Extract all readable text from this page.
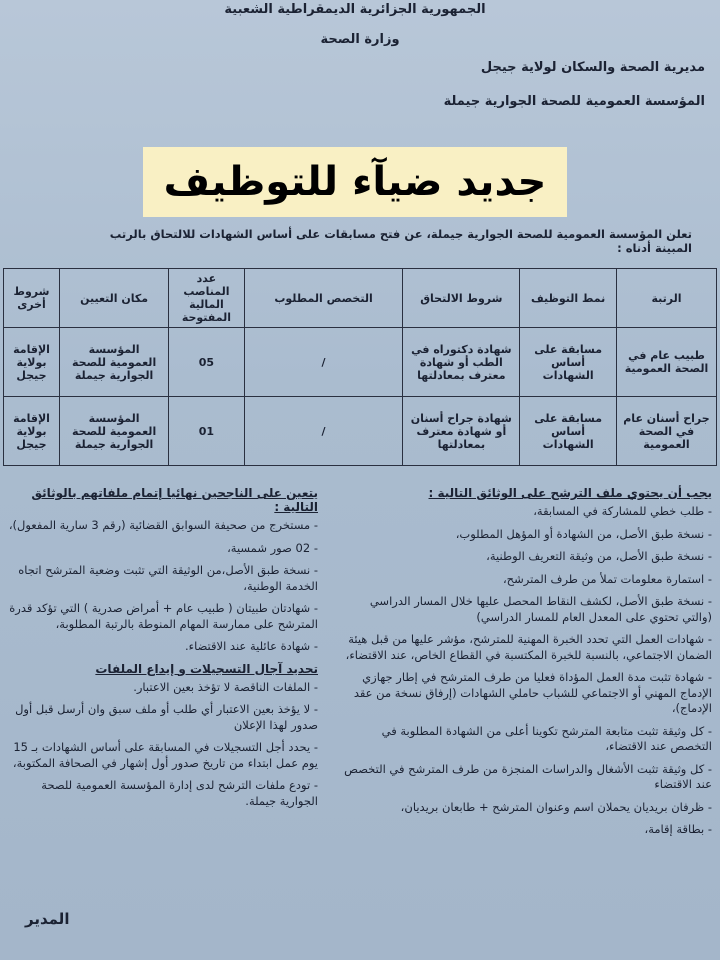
الجمهورية الجزائرية الديمقراطية الشعبية
وزارة الصحة
مديرية الصحة والسكان لولاية جيجل
المؤسسة العمومية للصحة الجوارية جيملة
جديد ضيآء للتوظيف
تعلن المؤسسة العمومية للصحة الجوارية جيملة، عن فتح مسابقات على أساس الشهادات للالتحاق بالرتب المبينة أدناه :
الرتبة	نمط التوظيف	شروط الالتحاق	التخصص المطلوب	عدد المناصب المالية المفتوحة	مكان التعيين	شروط أخرى
طبيب عام في الصحة العمومية	مسابقة على أساس الشهادات	شهادة دكتوراه في الطب أو شهادة معترف بمعادلتها	/	05	المؤسسة العمومية للصحة الجوارية جيملة	الإقامة بولاية جيجل
جراح أسنان عام في الصحة العمومية	مسابقة على أساس الشهادات	شهادة جراح أسنان أو شهادة معترف بمعادلتها	/	01	المؤسسة العمومية للصحة الجوارية جيملة	الإقامة بولاية جيجل
يجب أن يحتوي ملف الترشح على الوثائق التالية :
- طلب خطي للمشاركة في المسابقة،
- نسخة طبق الأصل، من الشهادة أو المؤهل المطلوب،
- نسخة طبق الأصل، من وثيقة التعريف الوطنية،
- استمارة معلومات تملأ من طرف المترشح،
- نسخة طبق الأصل، لكشف النقاط المحصل عليها خلال المسار الدراسي (والتي تحتوي على المعدل العام للمسار الدراسي)
- شهادات العمل التي تحدد الخبرة المهنية للمترشح، مؤشر عليها من قبل هيئة الضمان الاجتماعي، بالنسبة للخبرة المكتسبة في القطاع الخاص، عند الاقتضاء،
- شهادة تثبت مدة العمل المؤداة فعليا من طرف المترشح في إطار جهازي الإدماج المهني أو الاجتماعي للشباب حاملي الشهادات (إرفاق نسخة من عقد الإدماج)،
- كل وثيقة تثبت متابعة المترشح تكوينا أعلى من الشهادة المطلوبة في التخصص عند الاقتضاء،
- كل وثيقة تثبت الأشغال والدراسات المنجزة من طرف المترشح في التخصص عند الاقتضاء
- ظرفان بريديان يحملان اسم وعنوان المترشح + طابعان بريديان،
- بطاقة إقامة،
يتعين على الناجحين نهائيا إتمام ملفاتهم بالوثائق التالية :
- مستخرج من صحيفة السوابق القضائية (رقم 3 سارية المفعول)،
- 02 صور شمسية،
- نسخة طبق الأصل،من الوثيقة التي تثبت وضعية المترشح اتجاه الخدمة الوطنية،
- شهادتان طبيتان ( طبيب عام + أمراض صدرية ) التي تؤكد قدرة المترشح على ممارسة المهام المنوطة بالرتبة المطلوبة،
- شهادة عائلية عند الاقتضاء.
تحديد آجال التسجيلات و إيداع الملفات
- الملفات الناقصة لا تؤخذ بعين الاعتبار.
- لا يؤخذ بعين الاعتبار أي طلب أو ملف سبق وان أرسل قبل أول صدور لهذا الإعلان
- يحدد أجل التسجيلات في المسابقة على أساس الشهادات بـ 15 يوم عمل ابتداء من تاريخ صدور أول إشهار في الصحافة المكتوبة،
- تودع ملفات الترشح لدى إدارة المؤسسة العمومية للصحة الجوارية جيملة.
المدير
